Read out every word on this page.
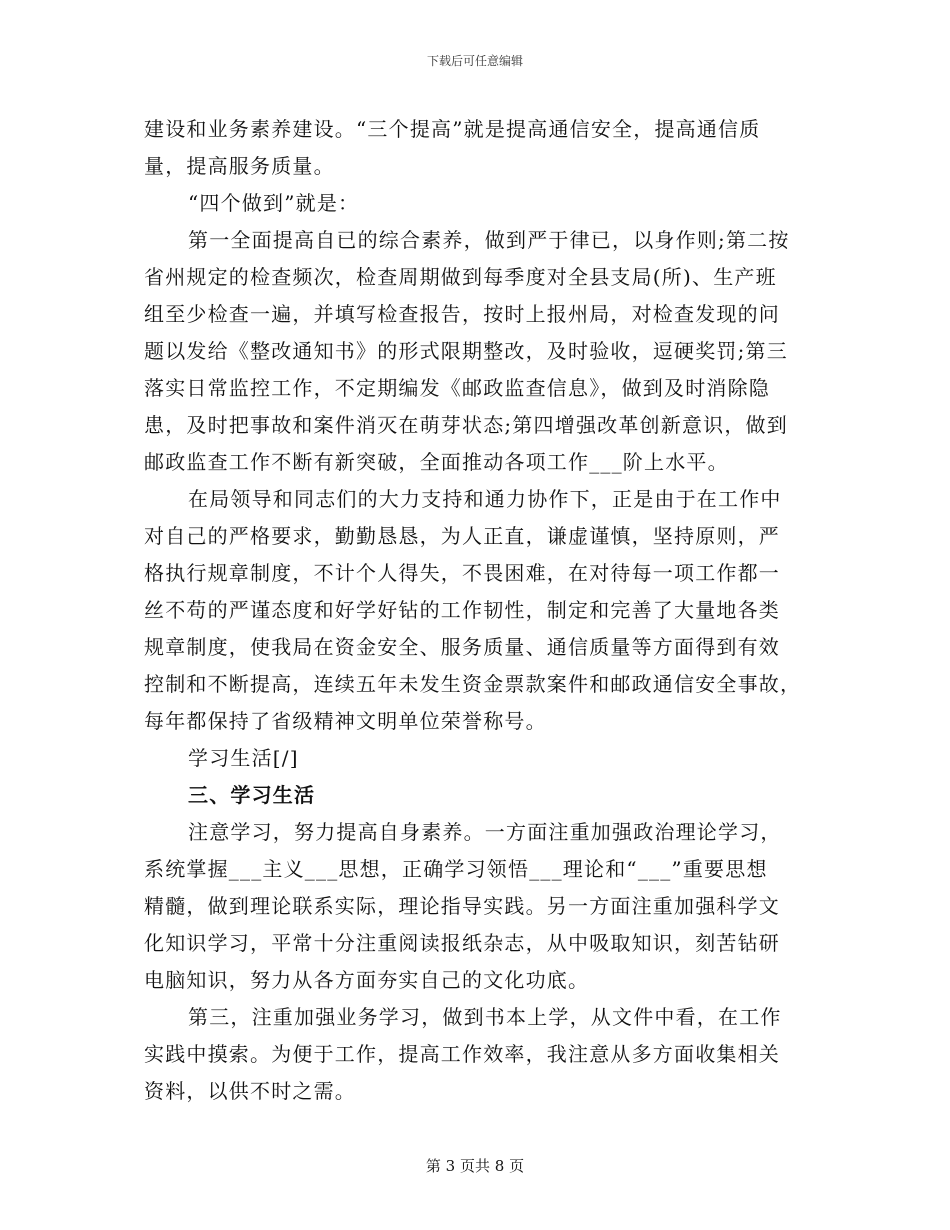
下载后可任意编辑
建设和业务素养建设。“三个提高”就是提高通信安全，提高通信质
量，提高服务质量。
“四个做到”就是：
第一全面提高自已的综合素养，做到严于律已，以身作则;第二按
省州规定的检查频次，检查周期做到每季度对全县支局(所)、生产班
组至少检查一遍，并填写检查报告，按时上报州局，对检查发现的问
题以发给《整改通知书》的形式限期整改，及时验收，逗硬奖罚;第三
落实日常监控工作，不定期编发《邮政监查信息》，做到及时消除隐
患，及时把事故和案件消灭在萌芽状态;第四增强改革创新意识，做到
邮政监查工作不断有新突破，全面推动各项工作___阶上水平。
在局领导和同志们的大力支持和通力协作下，正是由于在工作中
对自己的严格要求，勤勤恳恳，为人正直，谦虚谨慎，坚持原则，严
格执行规章制度，不计个人得失，不畏困难，在对待每一项工作都一
丝不苟的严谨态度和好学好钻的工作韧性，制定和完善了大量地各类
规章制度，使我局在资金安全、服务质量、通信质量等方面得到有效
控制和不断提高，连续五年未发生资金票款案件和邮政通信安全事故，
每年都保持了省级精神文明单位荣誉称号。
学习生活[/]
三、学习生活
注意学习，努力提高自身素养。一方面注重加强政治理论学习，
系统掌握___主义___思想，正确学习领悟___理论和“___”重要思想
精髓，做到理论联系实际，理论指导实践。另一方面注重加强科学文
化知识学习，平常十分注重阅读报纸杂志，从中吸取知识，刻苦钻研
电脑知识，努力从各方面夯实自己的文化功底。
第三，注重加强业务学习，做到书本上学，从文件中看，在工作
实践中摸索。为便于工作，提高工作效率，我注意从多方面收集相关
资料，以供不时之需。
第 3 页共 8 页
